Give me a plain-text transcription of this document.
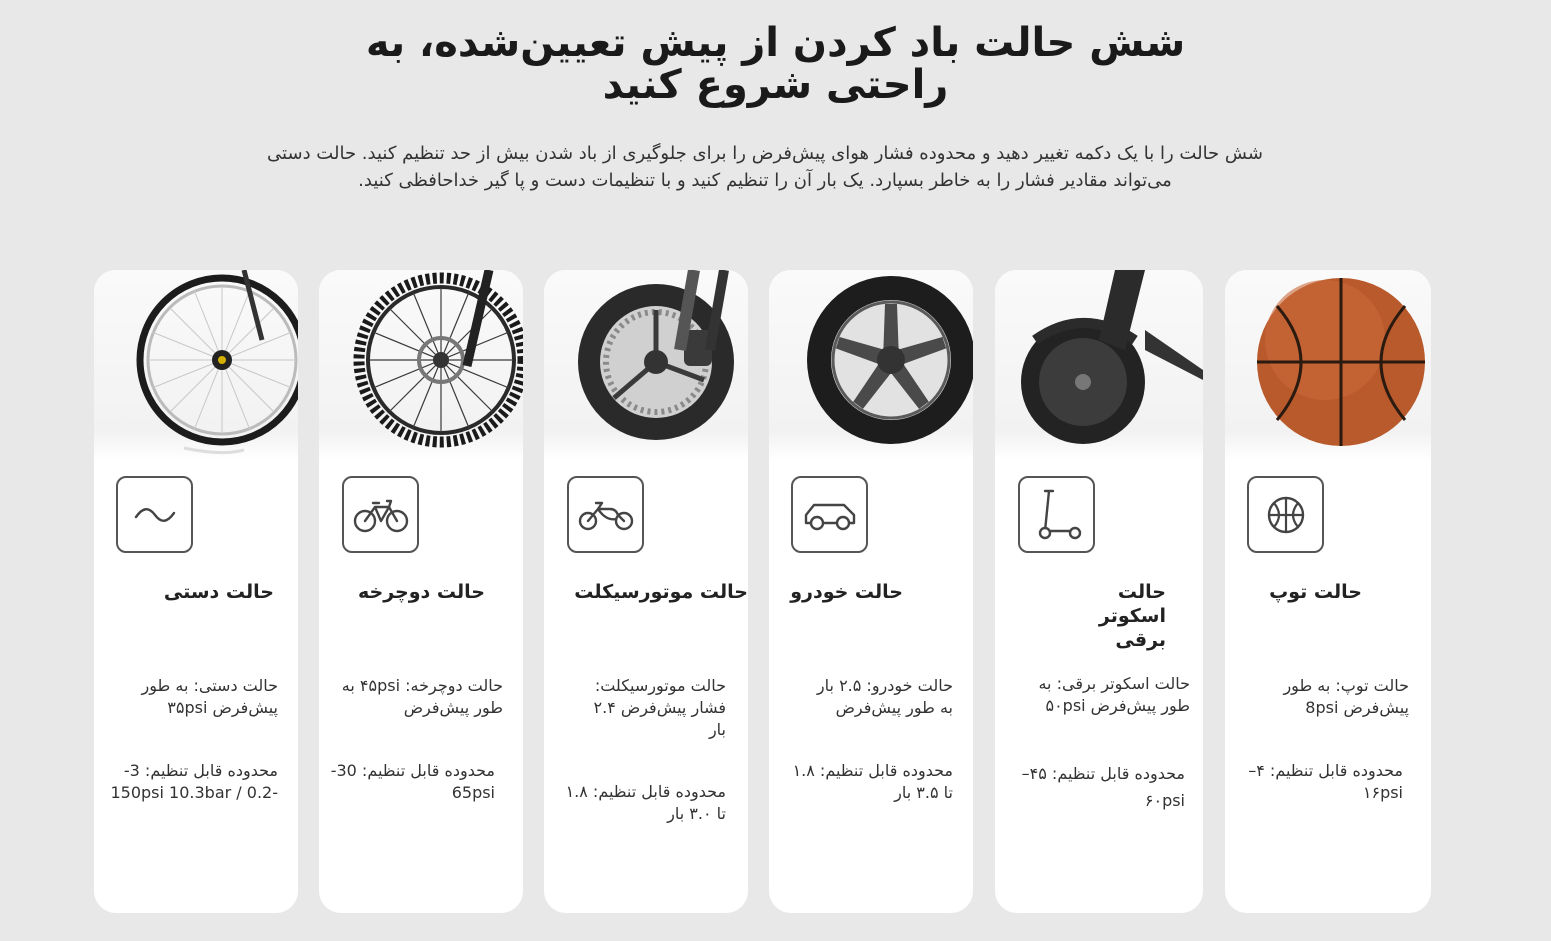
شش حالت باد کردن از پیش تعیین‌شده، به راحتی شروع کنید
شش حالت را با یک دکمه تغییر دهید و محدوده فشار هوای پیش‌فرض را برای جلوگیری از باد شدن بیش از حد تنظیم کنید. حالت دستی می‌تواند مقادیر فشار را به خاطر بسپارد. یک بار آن را تنظیم کنید و با تنظیمات دست و پا گیر خداحافظی کنید.
حالت دستی
حالت دستی: به طور پیش‌فرض ۳۵psi
محدوده قابل تنظیم: 3--0.2 / 150psi 10.3bar
حالت دوچرخه
حالت دوچرخه: ۴۵psi به طور پیش‌فرض
محدوده قابل تنظیم: 30-65psi
حالت موتورسیکلت
حالت موتورسیکلت: فشار پیش‌فرض ۲.۴ بار
محدوده قابل تنظیم: ۱.۸ تا ۳.۰ بار
حالت خودرو
حالت خودرو: ۲.۵ بار به طور پیش‌فرض
محدوده قابل تنظیم: ۱.۸ تا ۳.۵ بار
حالت اسکوتر برقی
حالت اسکوتر برقی: به طور پیش‌فرض ۵۰psi
محدوده قابل تنظیم: ۴۵–۶۰psi
حالت توپ
حالت توپ: به طور پیش‌فرض 8psi
محدوده قابل تنظیم: ۴–۱۶psi
